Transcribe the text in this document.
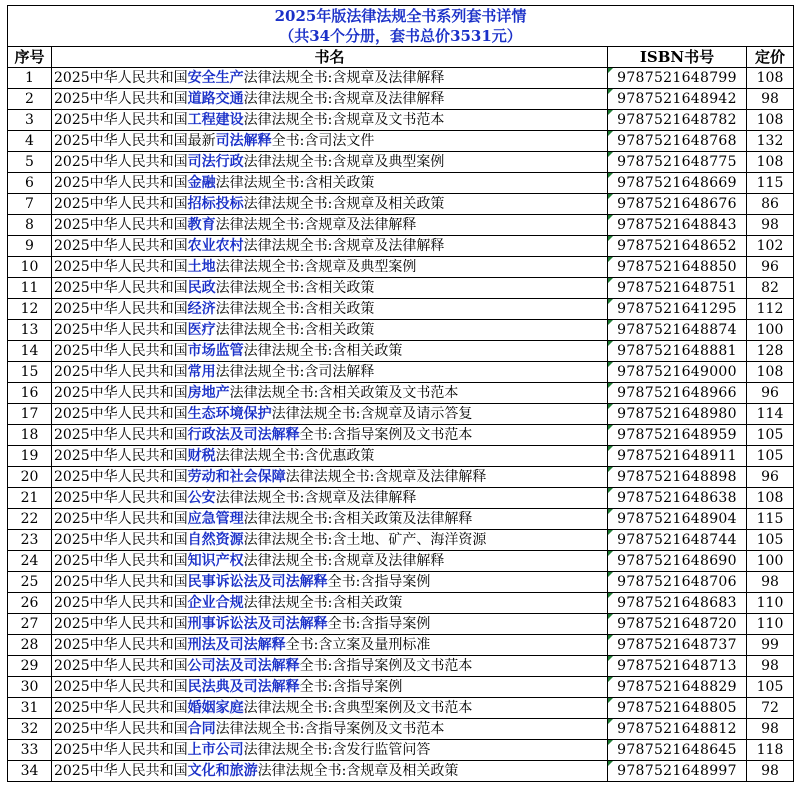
2025年版法律法规全书系列套书详情			
（共34个分册，套书总价3531元）			
序号	书名	ISBN书号	定价
1	2025中华人民共和国安全生产法律法规全书:含规章及法律解释	9787521648799	108
2	2025中华人民共和国道路交通法律法规全书:含规章及法律解释	9787521648942	98
3	2025中华人民共和国工程建设法律法规全书:含规章及文书范本	9787521648782	108
4	2025中华人民共和国最新司法解释全书:含司法文件	9787521648768	132
5	2025中华人民共和国司法行政法律法规全书:含规章及典型案例	9787521648775	108
6	2025中华人民共和国金融法律法规全书:含相关政策	9787521648669	115
7	2025中华人民共和国招标投标法律法规全书:含规章及相关政策	9787521648676	86
8	2025中华人民共和国教育法律法规全书:含规章及法律解释	9787521648843	98
9	2025中华人民共和国农业农村法律法规全书:含规章及法律解释	9787521648652	102
10	2025中华人民共和国土地法律法规全书:含规章及典型案例	9787521648850	96
11	2025中华人民共和国民政法律法规全书:含相关政策	9787521648751	82
12	2025中华人民共和国经济法律法规全书:含相关政策	9787521641295	112
13	2025中华人民共和国医疗法律法规全书:含相关政策	9787521648874	100
14	2025中华人民共和国市场监管法律法规全书:含相关政策	9787521648881	128
15	2025中华人民共和国常用法律法规全书:含司法解释	9787521649000	108
16	2025中华人民共和国房地产法律法规全书:含相关政策及文书范本	9787521648966	96
17	2025中华人民共和国生态环境保护法律法规全书:含规章及请示答复	9787521648980	114
18	2025中华人民共和国行政法及司法解释全书:含指导案例及文书范本	9787521648959	105
19	2025中华人民共和国财税法律法规全书:含优惠政策	9787521648911	105
20	2025中华人民共和国劳动和社会保障法律法规全书:含规章及法律解释	9787521648898	96
21	2025中华人民共和国公安法律法规全书:含规章及法律解释	9787521648638	108
22	2025中华人民共和国应急管理法律法规全书:含相关政策及法律解释	9787521648904	115
23	2025中华人民共和国自然资源法律法规全书:含土地、矿产、海洋资源	9787521648744	105
24	2025中华人民共和国知识产权法律法规全书:含规章及法律解释	9787521648690	100
25	2025中华人民共和国民事诉讼法及司法解释全书:含指导案例	9787521648706	98
26	2025中华人民共和国企业合规法律法规全书:含相关政策	9787521648683	110
27	2025中华人民共和国刑事诉讼法及司法解释全书:含指导案例	9787521648720	110
28	2025中华人民共和国刑法及司法解释全书:含立案及量刑标准	9787521648737	99
29	2025中华人民共和国公司法及司法解释全书:含指导案例及文书范本	9787521648713	98
30	2025中华人民共和国民法典及司法解释全书:含指导案例	9787521648829	105
31	2025中华人民共和国婚姻家庭法律法规全书:含典型案例及文书范本	9787521648805	72
32	2025中华人民共和国合同法律法规全书:含指导案例及文书范本	9787521648812	98
33	2025中华人民共和国上市公司法律法规全书:含发行监管问答	9787521648645	118
34	2025中华人民共和国文化和旅游法律法规全书:含规章及相关政策	9787521648997	98
